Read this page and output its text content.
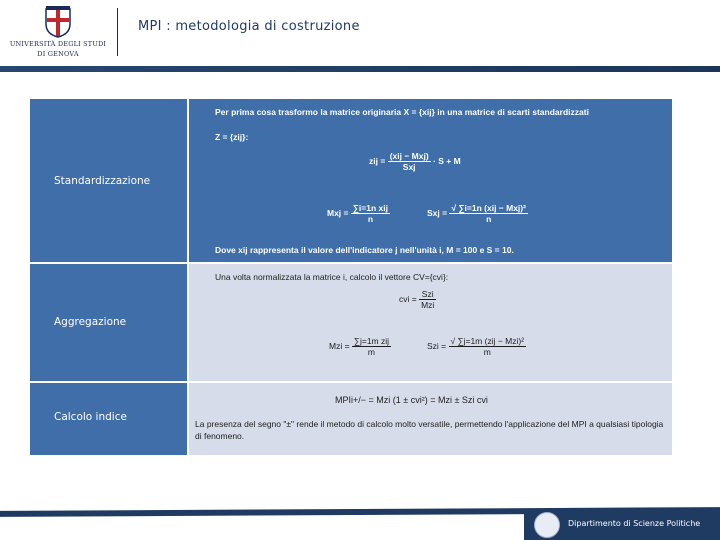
UNIVERSITÀ DEGLI STUDI
DI GENOVA
MPI : metodologia di costruzione
Standardizzazione
Per prima cosa trasformo la matrice originaria X = {xij} in una matrice di scarti standardizzati
Z = {zij}:
zij = $\frac{\text{(xij − Mxj)}}{\text{Sxj}} \cdot S + M$
Mxj = $\frac{\text{∑i=1n xij}}{n}$	Sxj = $\frac{\text{√ ∑i=1n (xij − Mxj)²}}{n}$
Dove xij rappresenta il valore dell'indicatore j nell'unità i, M = 100 e S = 10.
Aggregazione
Una volta normalizzata la matrice i, calcolo il vettore CV={cvi}:
cvi = $\frac{\text{Szi}}{\text{Mzi}}$
Mzi = $\frac{\text{∑j=1m zij}}{m}$	Szi = $\frac{\text{√ ∑j=1m (zij − Mzi)²}}{m}$
Calcolo indice
MPIi+/− = Mzi (1 ± cvi²) = Mzi ± Szi cvi
La presenza del segno "±" rende il metodo di calcolo molto versatile, permettendo l'applicazione del MPI a qualsiasi tipologia di fenomeno.
Dipartimento di Scienze Politiche
